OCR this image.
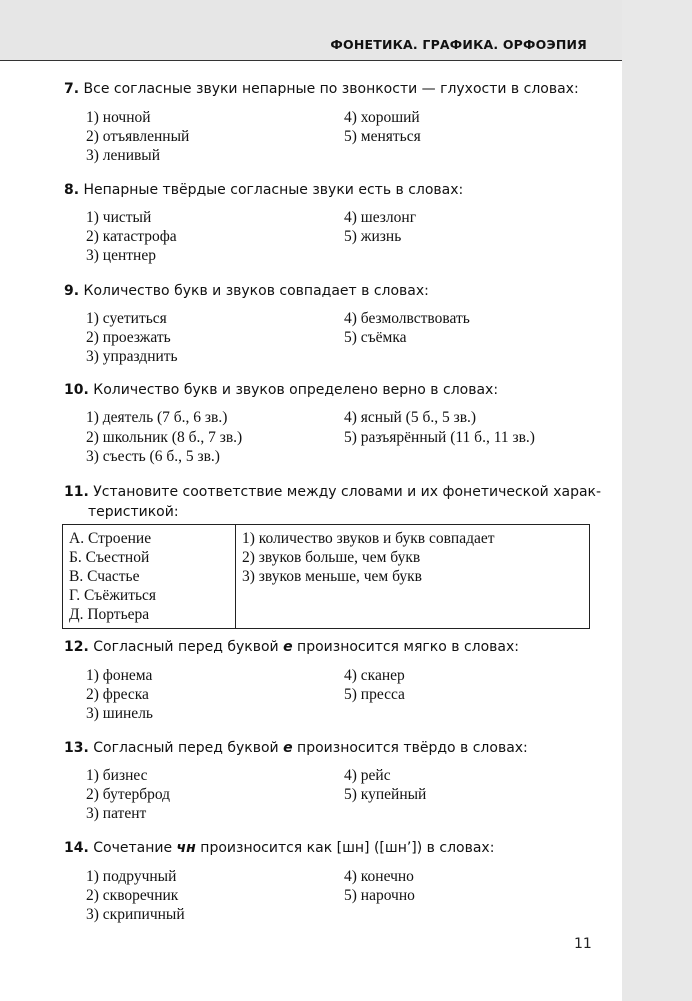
ФОНЕТИКА. ГРАФИКА. ОРФОЭПИЯ
7. Все согласные звуки непарные по звонкости — глухости в словах:
1) ночной
2) отъявленный
3) ленивый
4) хороший
5) меняться
8. Непарные твёрдые согласные звуки есть в словах:
1) чистый
2) катастрофа
3) центнер
4) шезлонг
5) жизнь
9. Количество букв и звуков совпадает в словах:
1) суетиться
2) проезжать
3) упразднить
4) безмолвствовать
5) съёмка
10. Количество букв и звуков определено верно в словах:
1) деятель (7 б., 6 зв.)
2) школьник (8 б., 7 зв.)
3) съесть (6 б., 5 зв.)
4) ясный (5 б., 5 зв.)
5) разъярённый (11 б., 11 зв.)
11. Установите соответствие между словами и их фонетической харак-
теристикой:
А. Строение
Б. Съестной
В. Счастье
Г. Съёжиться
Д. Портьера

1) количество звуков и букв совпадает
2) звуков больше, чем букв
3) звуков меньше, чем букв
12. Согласный перед буквой е произносится мягко в словах:
1) фонема
2) фреска
3) шинель
4) сканер
5) пресса
13. Согласный перед буквой е произносится твёрдо в словах:
1) бизнес
2) бутерброд
3) патент
4) рейс
5) купейный
14. Сочетание чн произносится как [шн] ([шн’]) в словах:
1) подручный
2) скворечник
3) скрипичный
4) конечно
5) нарочно
11
